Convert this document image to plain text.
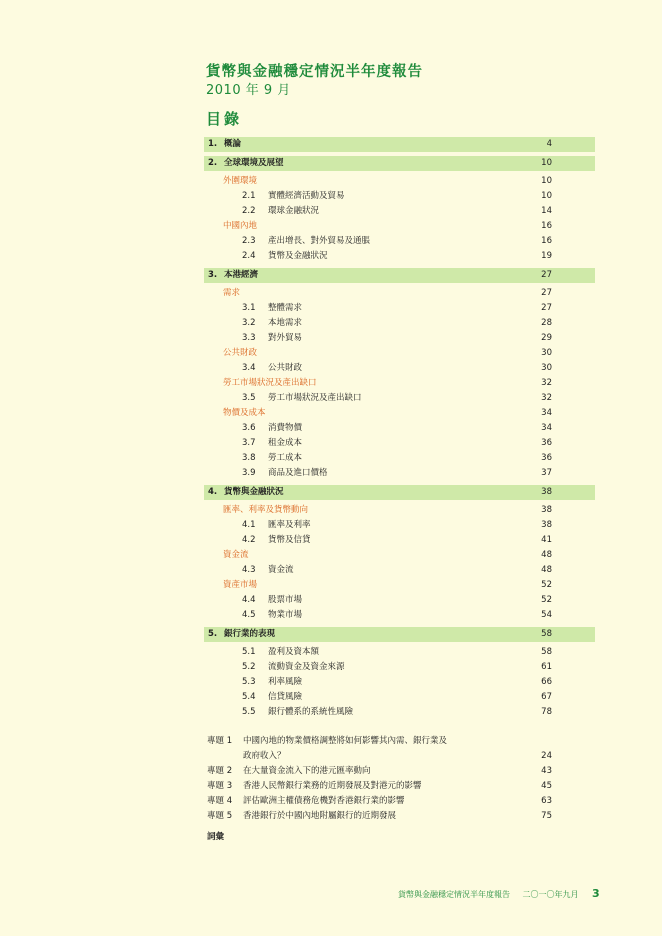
貨幣與金融穩定情況半年度報告
2010 年 9 月
目錄
1. 概論	4
2. 全球環境及展望	10
外圍環境	10
2.1 實體經濟活動及貿易	10
2.2 環球金融狀況	14
中國內地	16
2.3 產出增長、對外貿易及通脹	16
2.4 貨幣及金融狀況	19
3. 本港經濟	27
需求	27
3.1 整體需求	27
3.2 本地需求	28
3.3 對外貿易	29
公共財政	30
3.4 公共財政	30
勞工市場狀況及產出缺口	32
3.5 勞工市場狀況及產出缺口	32
物價及成本	34
3.6 消費物價	34
3.7 租金成本	36
3.8 勞工成本	36
3.9 商品及進口價格	37
4. 貨幣與金融狀況	38
匯率、利率及貨幣動向	38
4.1 匯率及利率	38
4.2 貨幣及信貸	41
資金流	48
4.3 資金流	48
資產市場	52
4.4 股票市場	52
4.5 物業市場	54
5. 銀行業的表現	58
5.1 盈利及資本額	58
5.2 流動資金及資金來源	61
5.3 利率風險	66
5.4 信貸風險	67
5.5 銀行體系的系統性風險	78
專題 1 中國內地的物業價格調整將如何影響其內需、銀行業及
政府收入？	24
專題 2 在大量資金流入下的港元匯率動向	43
專題 3 香港人民幣銀行業務的近期發展及對港元的影響	45
專題 4 評估歐洲主權債務危機對香港銀行業的影響	63
專題 5 香港銀行於中國內地附屬銀行的近期發展	75
詞彙
貨幣與金融穩定情況半年度報告 二〇一〇年九月 3
